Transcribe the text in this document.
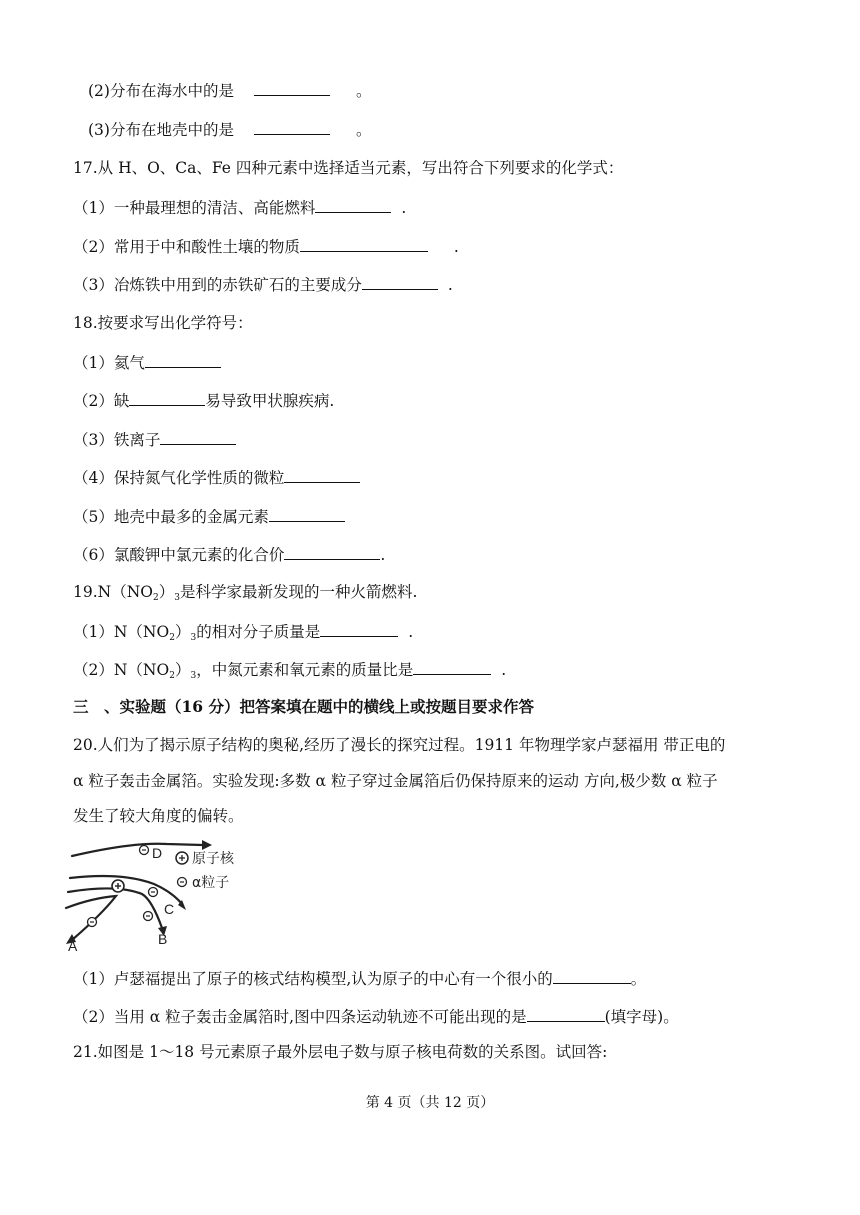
(2)分布在海水中的是	。
(3)分布在地壳中的是	。
17.从 H、O、Ca、Fe 四种元素中选择适当元素，写出符合下列要求的化学式：
（1）一种最理想的清洁、高能燃料	.
（2）常用于中和酸性土壤的物质	.
（3）冶炼铁中用到的赤铁矿石的主要成分	.
18.按要求写出化学符号：
（1）氦气
（2）缺	易导致甲状腺疾病.
（3）铁离子
（4）保持氮气化学性质的微粒
（5）地壳中最多的金属元素
（6）氯酸钾中氯元素的化合价	.
$19.N(NO_2)_3$是科学家最新发现的一种火箭燃料.
$(1)N(NO_2)_3$的相对分子质量是	.
$(2)N(NO_2)_3$，中氮元素和氧元素的质量比是	.
三　、实验题（16 分）把答案填在题中的横线上或按题目要求作答
20.人们为了揭示原子结构的奥秘,经历了漫长的探究过程。1911 年物理学家卢瑟福用 带正电的
α 粒子轰击金属箔。实验发现:多数 α 粒子穿过金属箔后仍保持原来的运动 方向,极少数 α 粒子
发生了较大角度的偏转。
D
C
B
A
原子核
α粒子
（1）卢瑟福提出了原子的核式结构模型,认为原子的中心有一个很小的	。
（2）当用 α 粒子轰击金属箔时,图中四条运动轨迹不可能出现的是	(填字母)。
21.如图是 1～18 号元素原子最外层电子数与原子核电荷数的关系图。试回答:
第 4 页（共 12 页）
